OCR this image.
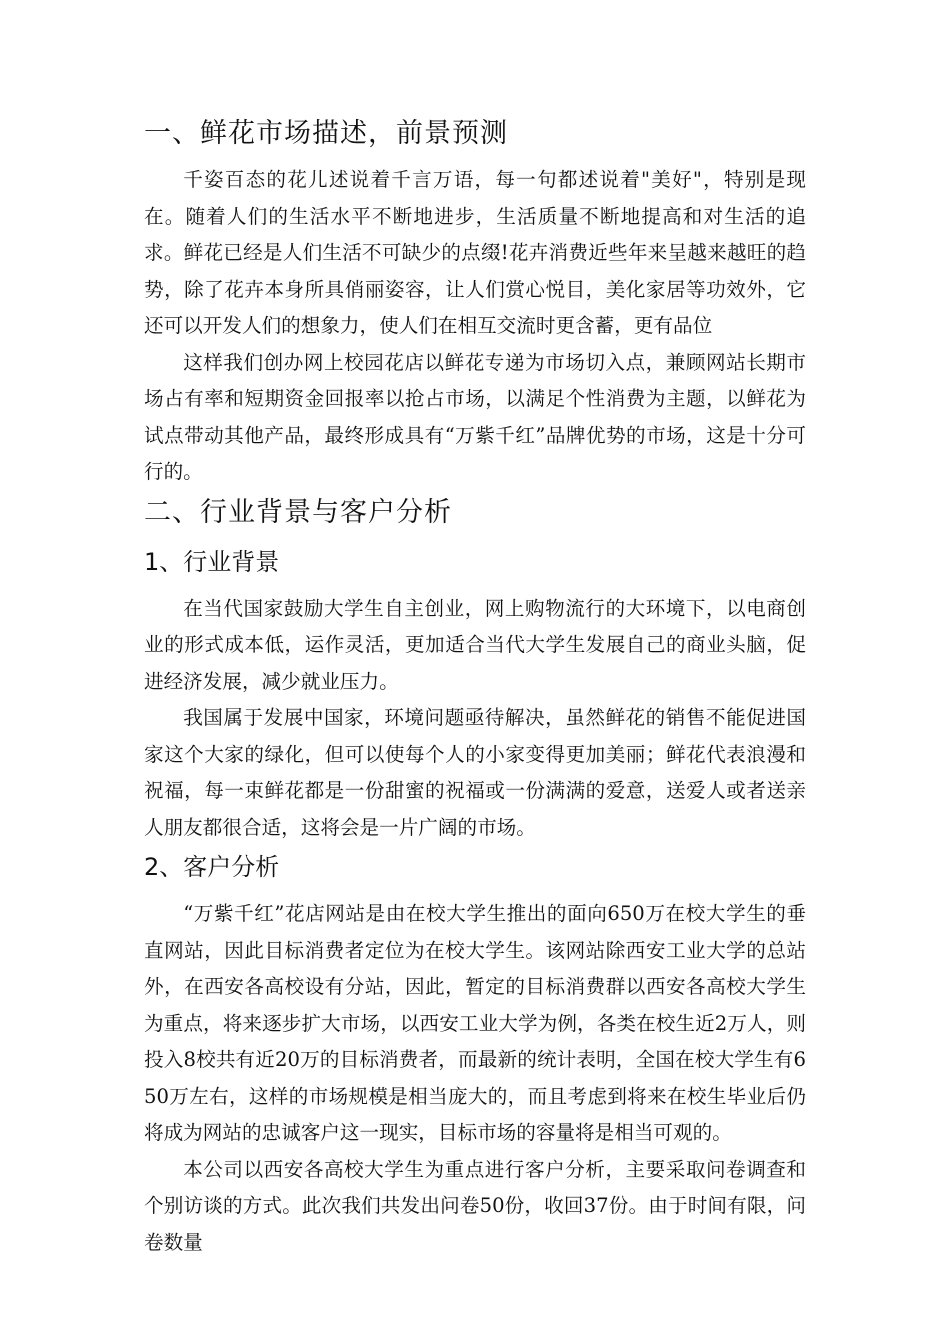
一、鲜花市场描述，前景预测

千姿百态的花儿述说着千言万语，每一句都述说着"美好"，特别是现在。随着人们的生活水平不断地进步，生活质量不断地提高和对生活的追求。鲜花已经是人们生活不可缺少的点缀!花卉消费近些年来呈越来越旺的趋势，除了花卉本身所具俏丽姿容，让人们赏心悦目，美化家居等功效外，它还可以开发人们的想象力，使人们在相互交流时更含蓄，更有品位

这样我们创办网上校园花店以鲜花专递为市场切入点，兼顾网站长期市场占有率和短期资金回报率以抢占市场，以满足个性消费为主题，以鲜花为试点带动其他产品，最终形成具有“万紫千红”品牌优势的市场，这是十分可行的。

二、行业背景与客户分析
1、行业背景

在当代国家鼓励大学生自主创业，网上购物流行的大环境下，以电商创业的形式成本低，运作灵活，更加适合当代大学生发展自己的商业头脑，促进经济发展，减少就业压力。

我国属于发展中国家，环境问题亟待解决，虽然鲜花的销售不能促进国家这个大家的绿化，但可以使每个人的小家变得更加美丽；鲜花代表浪漫和祝福，每一束鲜花都是一份甜蜜的祝福或一份满满的爱意，送爱人或者送亲人朋友都很合适，这将会是一片广阔的市场。

2、客户分析

“万紫千红”花店网站是由在校大学生推出的面向650万在校大学生的垂直网站，因此目标消费者定位为在校大学生。该网站除西安工业大学的总站外，在西安各高校设有分站，因此，暂定的目标消费群以西安各高校大学生为重点，将来逐步扩大市场，以西安工业大学为例，各类在校生近2万人，则投入8校共有近20万的目标消费者，而最新的统计表明，全国在校大学生有650万左右，这样的市场规模是相当庞大的，而且考虑到将来在校生毕业后仍将成为网站的忠诚客户这一现实，目标市场的容量将是相当可观的。

本公司以西安各高校大学生为重点进行客户分析，主要采取问卷调查和个别访谈的方式。此次我们共发出问卷50份，收回37份。由于时间有限，问卷数量
